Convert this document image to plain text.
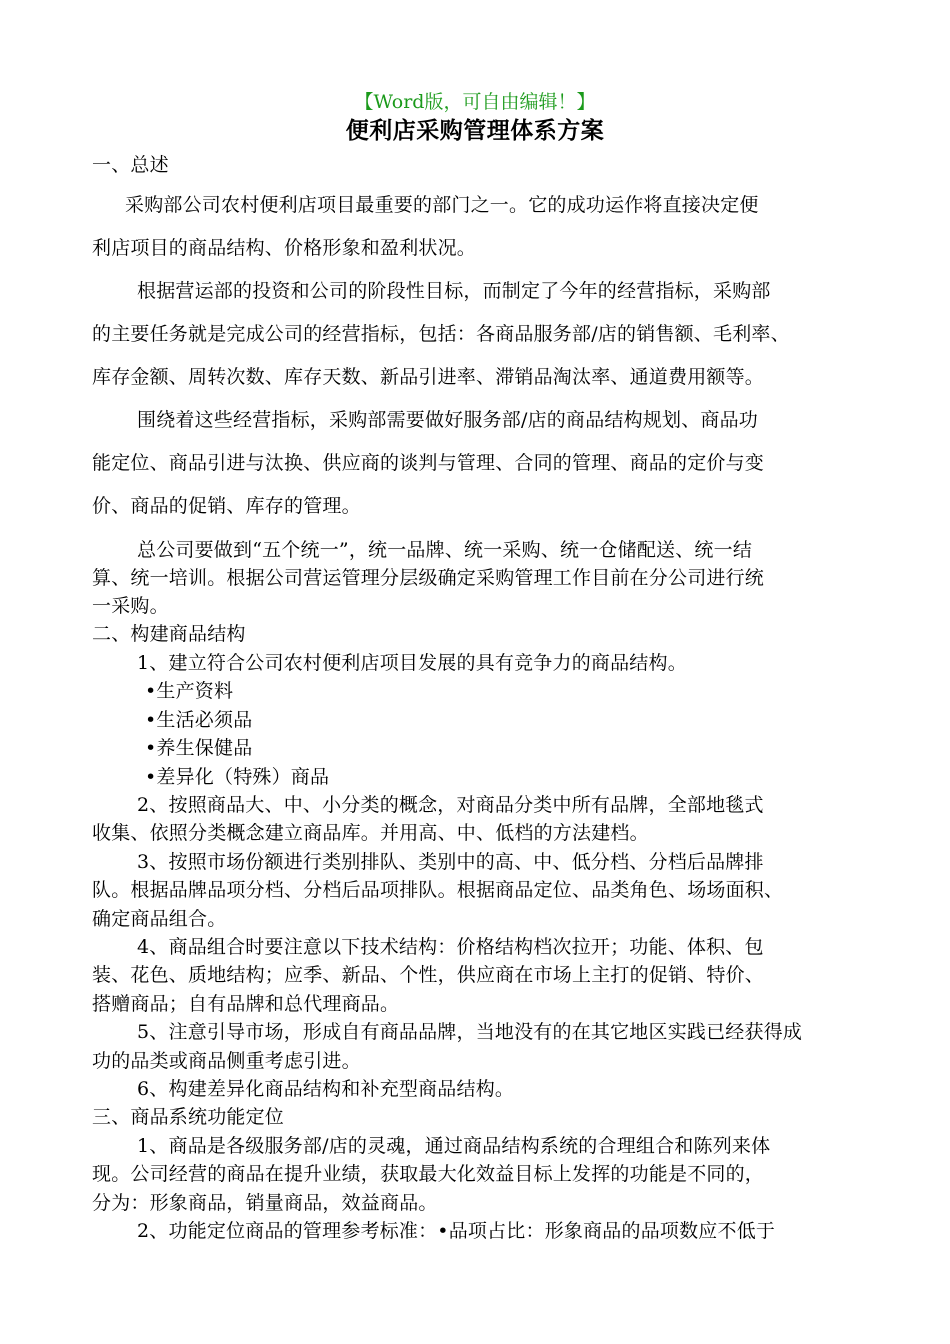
【Word版，可自由编辑！】
便利店采购管理体系方案
一、总述
采购部公司农村便利店项目最重要的部门之一。它的成功运作将直接决定便
利店项目的商品结构、价格形象和盈利状况。
根据营运部的投资和公司的阶段性目标，而制定了今年的经营指标，采购部
的主要任务就是完成公司的经营指标，包括：各商品服务部/店的销售额、毛利率、
库存金额、周转次数、库存天数、新品引进率、滞销品淘汰率、通道费用额等。
围绕着这些经营指标，采购部需要做好服务部/店的商品结构规划、商品功
能定位、商品引进与汰换、供应商的谈判与管理、合同的管理、商品的定价与变
价、商品的促销、库存的管理。
总公司要做到“五个统一”，统一品牌、统一采购、统一仓储配送、统一结
算、统一培训。根据公司营运管理分层级确定采购管理工作目前在分公司进行统
一采购。
二、构建商品结构
1、建立符合公司农村便利店项目发展的具有竞争力的商品结构。
•生产资料
•生活必须品
•养生保健品
•差异化（特殊）商品
2、按照商品大、中、小分类的概念，对商品分类中所有品牌，全部地毯式
收集、依照分类概念建立商品库。并用高、中、低档的方法建档。
3、按照市场份额进行类别排队、类别中的高、中、低分档、分档后品牌排
队。根据品牌品项分档、分档后品项排队。根据商品定位、品类角色、场场面积、
确定商品组合。
4、商品组合时要注意以下技术结构：价格结构档次拉开；功能、体积、包
装、花色、质地结构；应季、新品、个性，供应商在市场上主打的促销、特价、
搭赠商品；自有品牌和总代理商品。
5、注意引导市场，形成自有商品品牌，当地没有的在其它地区实践已经获得成
功的品类或商品侧重考虑引进。
6、构建差异化商品结构和补充型商品结构。
三、商品系统功能定位
1、商品是各级服务部/店的灵魂，通过商品结构系统的合理组合和陈列来体
现。公司经营的商品在提升业绩，获取最大化效益目标上发挥的功能是不同的，
分为：形象商品，销量商品，效益商品。
2、功能定位商品的管理参考标准：•品项占比：形象商品的品项数应不低于
